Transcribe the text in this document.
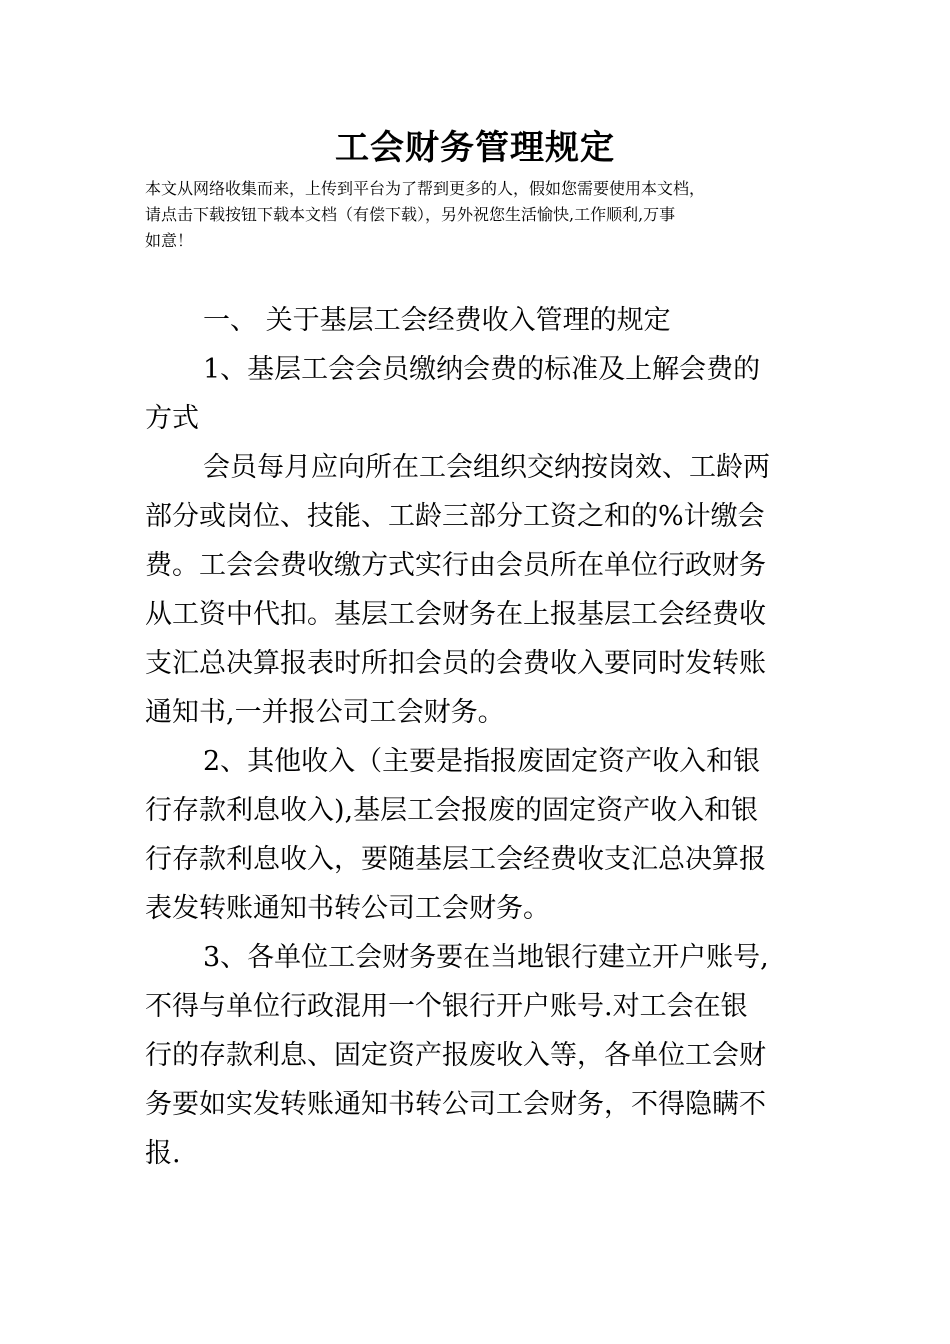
工会财务管理规定
本文从网络收集而来，上传到平台为了帮到更多的人，假如您需要使用本文档，
请点击下载按钮下载本文档（有偿下载），另外祝您生活愉快,工作顺利,万事
如意！
一、 关于基层工会经费收入管理的规定
1、基层工会会员缴纳会费的标准及上解会费的
方式
会员每月应向所在工会组织交纳按岗效、工龄两
部分或岗位、技能、工龄三部分工资之和的%计缴会
费。工会会费收缴方式实行由会员所在单位行政财务
从工资中代扣。基层工会财务在上报基层工会经费收
支汇总决算报表时所扣会员的会费收入要同时发转账
通知书,一并报公司工会财务。
2、其他收入（主要是指报废固定资产收入和银
行存款利息收入),基层工会报废的固定资产收入和银
行存款利息收入，要随基层工会经费收支汇总决算报
表发转账通知书转公司工会财务。
3、各单位工会财务要在当地银行建立开户账号,
不得与单位行政混用一个银行开户账号.对工会在银
行的存款利息、固定资产报废收入等，各单位工会财
务要如实发转账通知书转公司工会财务，不得隐瞒不
报.
